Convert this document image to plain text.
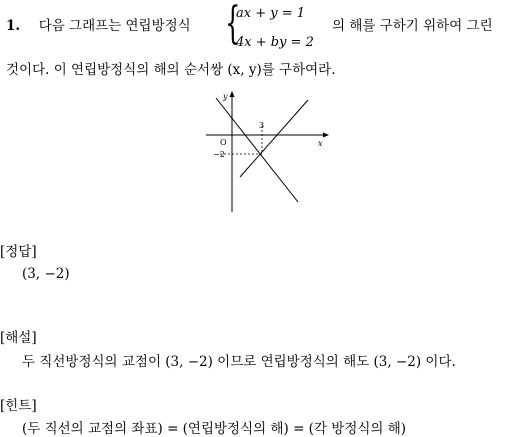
1. 다음 그래프는 연립방정식 {
ax + y = 1
4x + by = 2
의 해를 구하기 위하여 그린
것이다. 이 연립방정식의 해의 순서쌍 (x, y)를 구하여라.
y
x
O
3
−2
[정답]
(3, −2)
[해설]
두 직선방정식의 교점이 (3, −2) 이므로 연립방정식의 해도 (3, −2) 이다.
[힌트]
(두 직선의 교점의 좌표) = (연립방정식의 해) = (각 방정식의 해)
